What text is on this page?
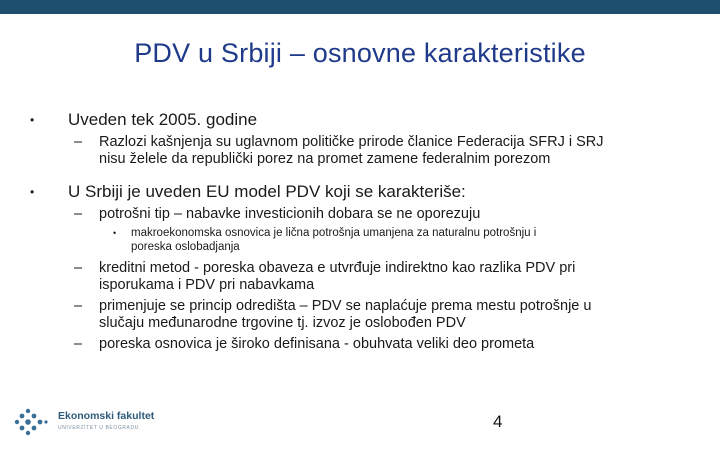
PDV u Srbiji – osnovne karakteristike
• Uveden tek 2005. godine
– Razlozi kašnjenja su uglavnom političke prirode članice Federacija SFRJ i SRJ
nisu želele da republički porez na promet zamene federalnim porezom
• U Srbiji je uveden EU model PDV koji se karakteriše:
– potrošni tip – nabavke investicionih dobara se ne oporezuju
• makroekonomska osnovica je lična potrošnja umanjena za naturalnu potrošnju i
poreska oslobadjanja
– kreditni metod - poreska obaveza e utvrđuje indirektno kao razlika PDV pri
isporukama i PDV pri nabavkama
– primenjuje se princip odredišta – PDV se naplaćuje prema mestu potrošnje u
slučaju međunarodne trgovine tj. izvoz je oslobođen PDV
– poreska osnovica je široko definisana - obuhvata veliki deo prometa
Ekonomski fakultet
UNIVERZITET U BEOGRADU	4
